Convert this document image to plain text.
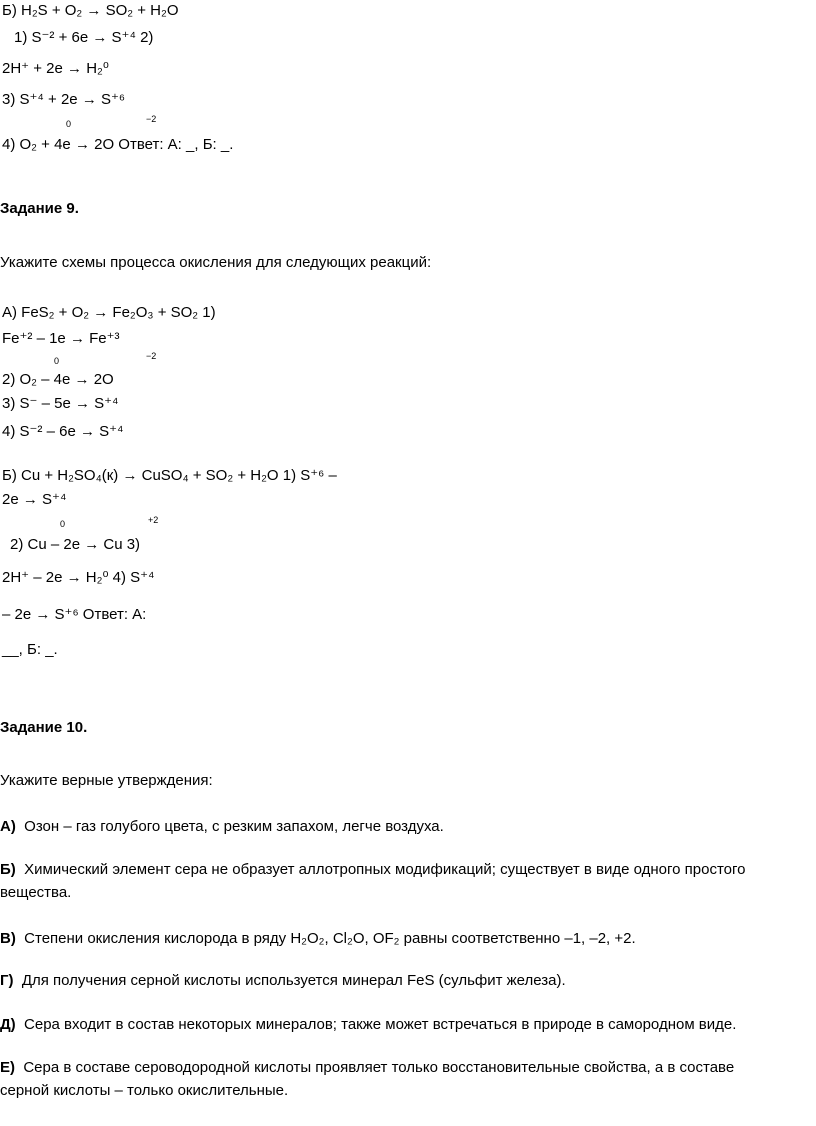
Б) H₂S + O₂ → SO₂ + H₂O
1) S⁻² + 6e → S⁺⁴ 2)
2H⁺ + 2e → H₂⁰
3) S⁺⁴ + 2e → S⁺⁶
0	−2
4) O₂ + 4e → 2O Ответ: А: _, Б: _.
Задание 9.
Укажите схемы процесса окисления для следующих реакций:
А) FeS₂ + O₂ → Fe₂O₃ + SO₂ 1)
Fe⁺² – 1e → Fe⁺³
0	−2
2) O₂ – 4e → 2O
3) S⁻ – 5e → S⁺⁴
4) S⁻² – 6e → S⁺⁴
Б) Cu + H₂SO₄(к) → CuSO₄ + SO₂ + H₂O 1) S⁺⁶ –
2e → S⁺⁴
0	+2
2) Cu – 2e → Cu 3)
2H⁺ – 2e → H₂⁰ 4) S⁺⁴
– 2e → S⁺⁶ Ответ: А:
__, Б: _.
Задание 10.
Укажите верные утверждения:
А) Озон – газ голубого цвета, с резким запахом, легче воздуха.
Б) Химический элемент сера не образует аллотропных модификаций; существует в виде одного простого
вещества.
В) Степени окисления кислорода в ряду H₂O₂, Cl₂O, OF₂ равны соответственно –1, –2, +2.
Г) Для получения серной кислоты используется минерал FeS (сульфит железа).
Д) Сера входит в состав некоторых минералов; также может встречаться в природе в самородном виде.
Е) Сера в составе сероводородной кислоты проявляет только восстановительные свойства, а в составе
серной кислоты – только окислительные.
